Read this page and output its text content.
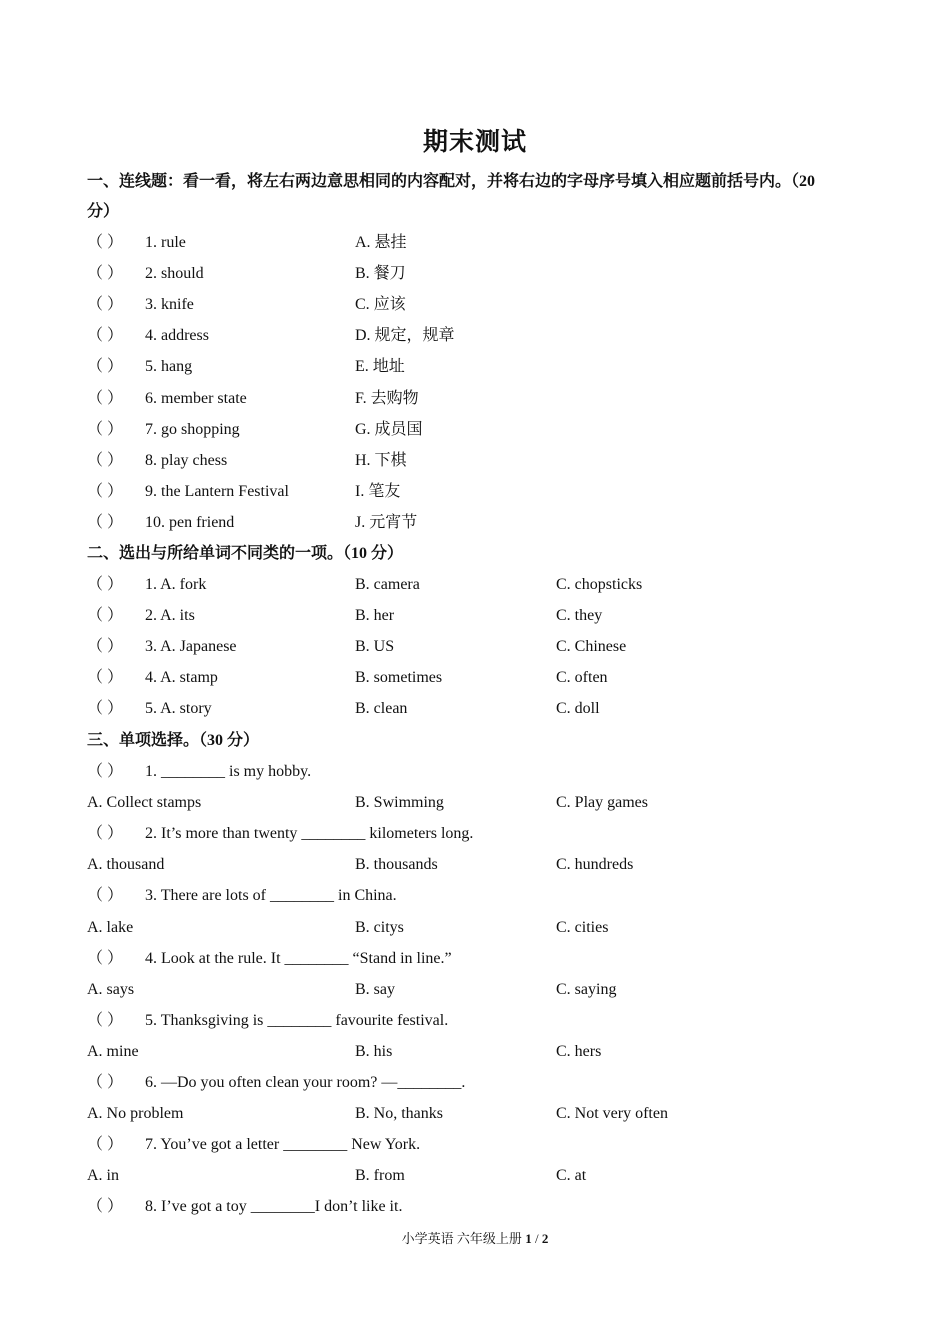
期末测试
一、连线题：看一看，将左右两边意思相同的内容配对，并将右边的字母序号填入相应题前括号内。（20
分）
（ ） 1. rule	A. 悬挂
（ ） 2. should	B. 餐刀
（ ） 3. knife	C. 应该
（ ） 4. address	D. 规定，规章
（ ） 5. hang	E. 地址
（ ） 6. member state	F. 去购物
（ ） 7. go shopping	G. 成员国
（ ） 8. play chess	H. 下棋
（ ） 9. the Lantern Festival	I. 笔友
（ ） 10. pen friend	J. 元宵节
二、选出与所给单词不同类的一项。（10 分）
（ ） 1. A. fork	B. camera	C. chopsticks
（ ） 2. A. its	B. her	C. they
（ ） 3. A. Japanese	B. US	C. Chinese
（ ） 4. A. stamp	B. sometimes	C. often
（ ） 5. A. story	B. clean	C. doll
三、单项选择。（30 分）
（ ） 1. ________ is my hobby.
A. Collect stamps	B. Swimming	C. Play games
（ ） 2. It’s more than twenty ________ kilometers long.
A. thousand	B. thousands	C. hundreds
（ ） 3. There are lots of ________ in China.
A. lake	B. citys	C. cities
（ ） 4. Look at the rule. It ________ “Stand in line.”
A. says	B. say	C. saying
（ ） 5. Thanksgiving is ________ favourite festival.
A. mine	B. his	C. hers
（ ） 6. —Do you often clean your room? —________.
A. No problem	B. No, thanks	C. Not very often
（ ） 7. You’ve got a letter ________ New York.
A. in	B. from	C. at
（ ） 8. I’ve got a toy ________I don’t like it.
小学英语 六年级上册 1 / 2
